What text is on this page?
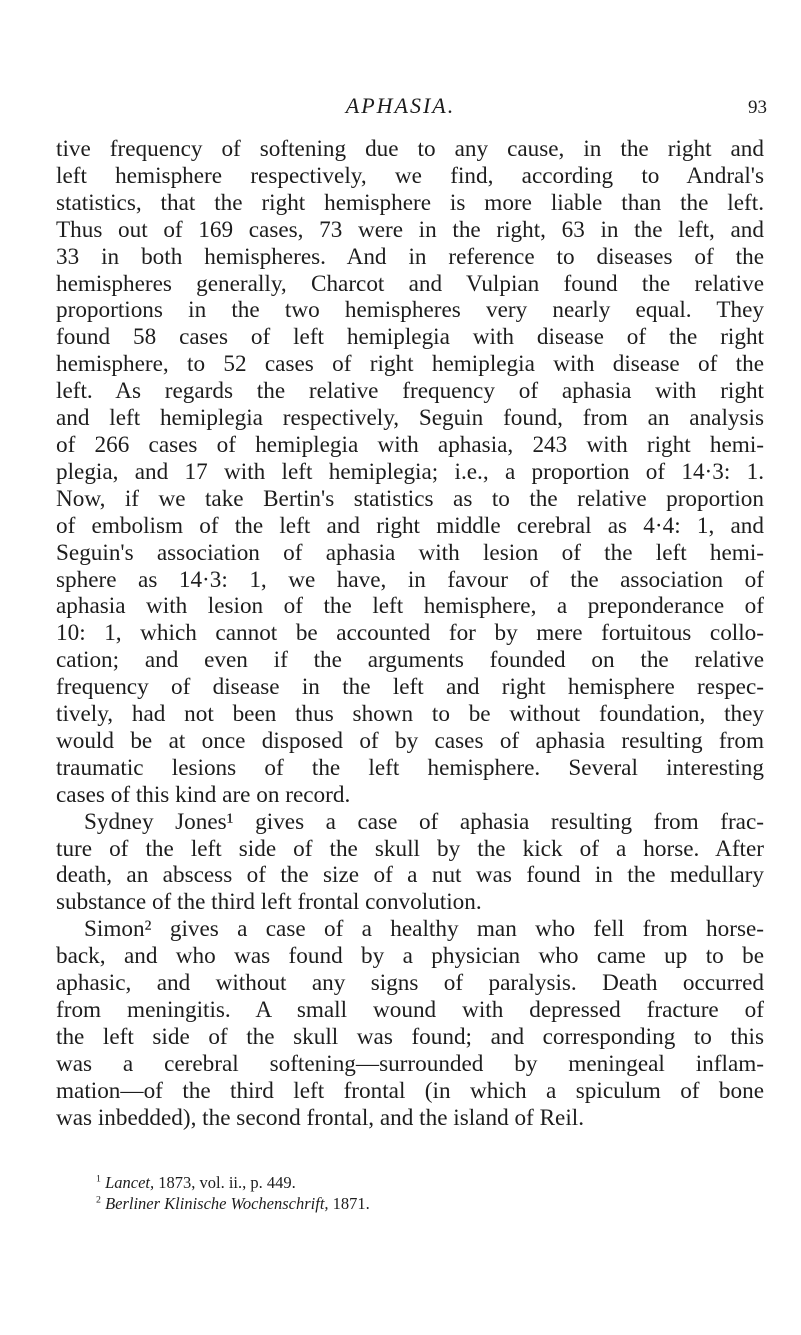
APHASIA.	93
tive frequency of softening due to any cause, in the right and
left hemisphere respectively, we find, according to Andral's
statistics, that the right hemisphere is more liable than the left.
Thus out of 169 cases, 73 were in the right, 63 in the left, and
33 in both hemispheres. And in reference to diseases of the
hemispheres generally, Charcot and Vulpian found the relative
proportions in the two hemispheres very nearly equal. They
found 58 cases of left hemiplegia with disease of the right
hemisphere, to 52 cases of right hemiplegia with disease of the
left. As regards the relative frequency of aphasia with right
and left hemiplegia respectively, Seguin found, from an analysis
of 266 cases of hemiplegia with aphasia, 243 with right hemi-
plegia, and 17 with left hemiplegia; i.e., a proportion of 14·3: 1.
Now, if we take Bertin's statistics as to the relative proportion
of embolism of the left and right middle cerebral as 4·4: 1, and
Seguin's association of aphasia with lesion of the left hemi-
sphere as 14·3: 1, we have, in favour of the association of
aphasia with lesion of the left hemisphere, a preponderance of
10: 1, which cannot be accounted for by mere fortuitous collo-
cation; and even if the arguments founded on the relative
frequency of disease in the left and right hemisphere respec-
tively, had not been thus shown to be without foundation, they
would be at once disposed of by cases of aphasia resulting from
traumatic lesions of the left hemisphere. Several interesting
cases of this kind are on record.
Sydney Jones¹ gives a case of aphasia resulting from frac-
ture of the left side of the skull by the kick of a horse. After
death, an abscess of the size of a nut was found in the medullary
substance of the third left frontal convolution.
Simon² gives a case of a healthy man who fell from horse-
back, and who was found by a physician who came up to be
aphasic, and without any signs of paralysis. Death occurred
from meningitis. A small wound with depressed fracture of
the left side of the skull was found; and corresponding to this
was a cerebral softening—surrounded by meningeal inflam-
mation—of the third left frontal (in which a spiculum of bone
was inbedded), the second frontal, and the island of Reil.
$^1$ Lancet, 1873, vol. ii., p. 449.
$^2$ Berliner Klinische Wochenschrift, 1871.
